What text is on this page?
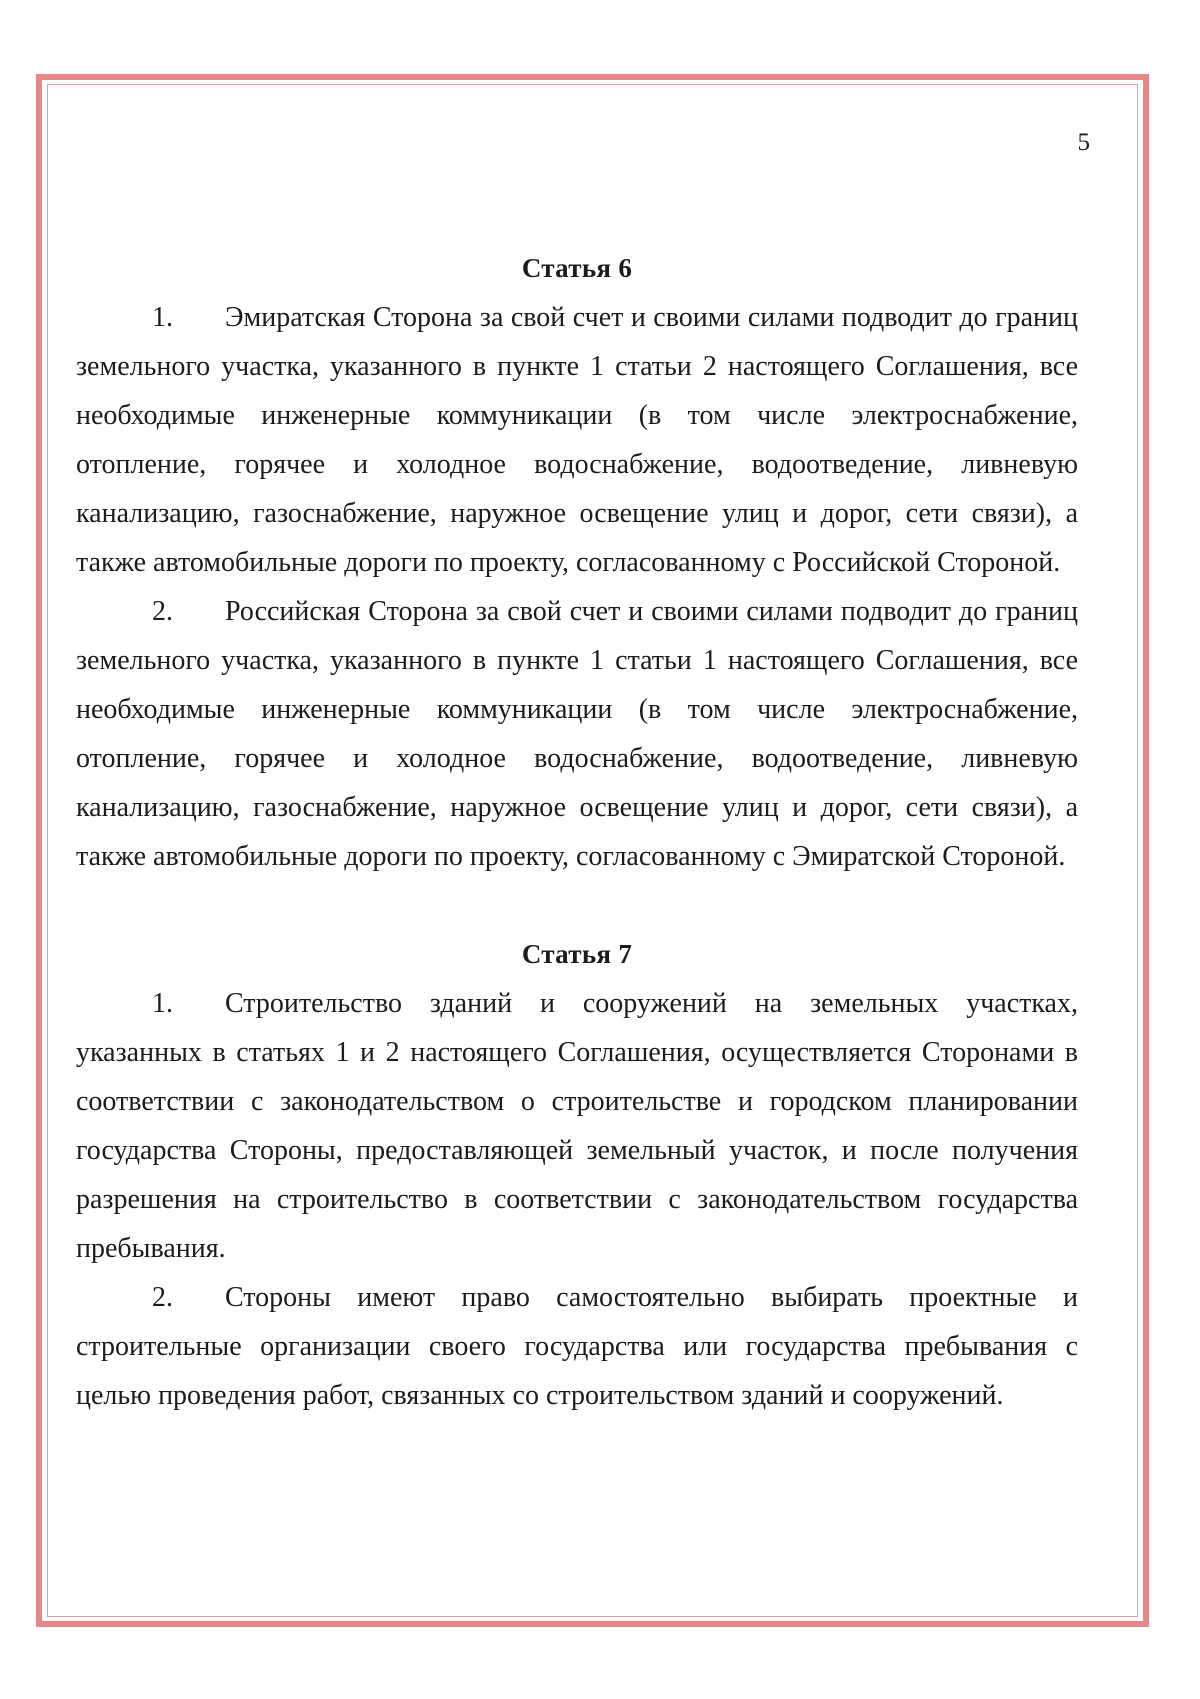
5
Статья 6

1. Эмиратская Сторона за свой счет и своими силами подводит до границ земельного участка, указанного в пункте 1 статьи 2 настоящего Соглашения, все необходимые инженерные коммуникации (в том числе электроснабжение, отопление, горячее и холодное водоснабжение, водоотведение, ливневую канализацию, газоснабжение, наружное освещение улиц и дорог, сети связи), а также автомобильные дороги по проекту, согласованному с Российской Стороной.

2. Российская Сторона за свой счет и своими силами подводит до границ земельного участка, указанного в пункте 1 статьи 1 настоящего Соглашения, все необходимые инженерные коммуникации (в том числе электроснабжение, отопление, горячее и холодное водоснабжение, водоотведение, ливневую канализацию, газоснабжение, наружное освещение улиц и дорог, сети связи), а также автомобильные дороги по проекту, согласованному с Эмиратской Стороной.

Статья 7

1. Строительство зданий и сооружений на земельных участках, указанных в статьях 1 и 2 настоящего Соглашения, осуществляется Сторонами в соответствии с законодательством о строительстве и городском планировании государства Стороны, предоставляющей земельный участок, и после получения разрешения на строительство в соответствии с законодательством государства пребывания.

2. Стороны имеют право самостоятельно выбирать проектные и строительные организации своего государства или государства пребывания с целью проведения работ, связанных со строительством зданий и сооружений.
